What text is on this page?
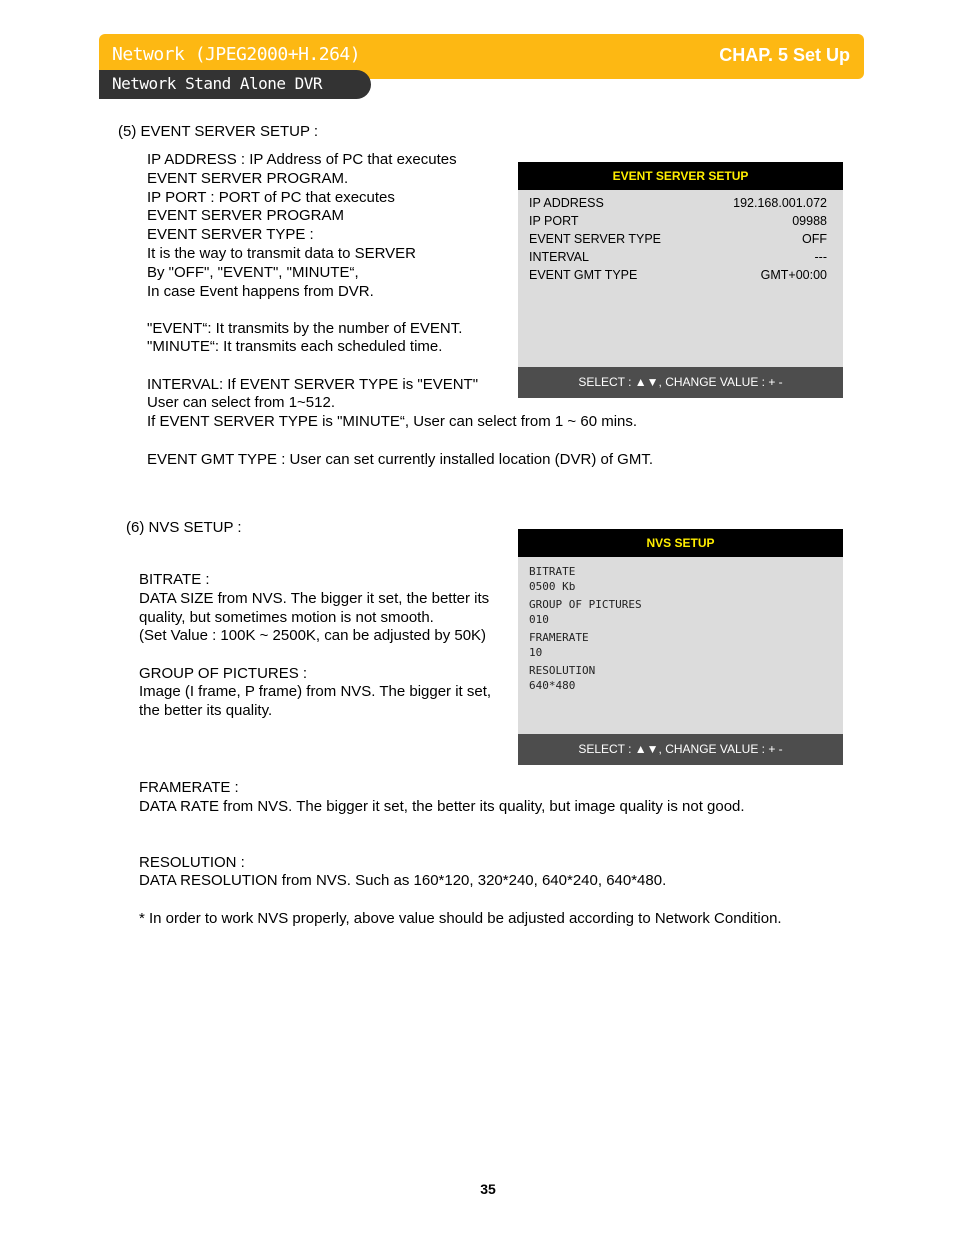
Network (JPEG2000+H.264)	CHAP. 5 Set Up
Network Stand Alone DVR
(5) EVENT SERVER SETUP :
IP ADDRESS : IP Address of PC that executes
EVENT SERVER PROGRAM.
IP PORT : PORT of PC that executes
EVENT SERVER PROGRAM
EVENT SERVER TYPE :
It is the way to transmit data to SERVER
By "OFF", "EVENT", "MINUTE“,
In case Event happens from DVR.
"EVENT“: It transmits by the number of EVENT.
"MINUTE“: It transmits each scheduled time.
INTERVAL: If EVENT SERVER TYPE is "EVENT"
User can select from 1~512.
If EVENT SERVER TYPE is "MINUTE“, User can select from 1 ~ 60 mins.
EVENT GMT TYPE : User can set currently installed location (DVR) of GMT.
EVENT SERVER SETUP
IP ADDRESS	192.168.001.072
IP PORT	09988
EVENT SERVER TYPE	OFF
INTERVAL	---
EVENT GMT TYPE	GMT+00:00
SELECT : ▲▼, CHANGE VALUE : + -
(6) NVS SETUP :
BITRATE :
DATA SIZE from NVS. The bigger it set, the better its
quality, but sometimes motion is not smooth.
(Set Value : 100K ~ 2500K, can be adjusted by 50K)
GROUP OF PICTURES :
Image (I frame, P frame) from NVS. The bigger it set,
the better its quality.
FRAMERATE :
DATA RATE from NVS. The bigger it set, the better its quality, but image quality is not good.
RESOLUTION :
DATA RESOLUTION from NVS. Such as 160*120, 320*240, 640*240, 640*480.
* In order to work NVS properly, above value should be adjusted according to Network Condition.
NVS SETUP
BITRATE
0500 Kb
GROUP OF PICTURES
010
FRAMERATE
10
RESOLUTION
640*480
SELECT : ▲▼, CHANGE VALUE : + -
35
